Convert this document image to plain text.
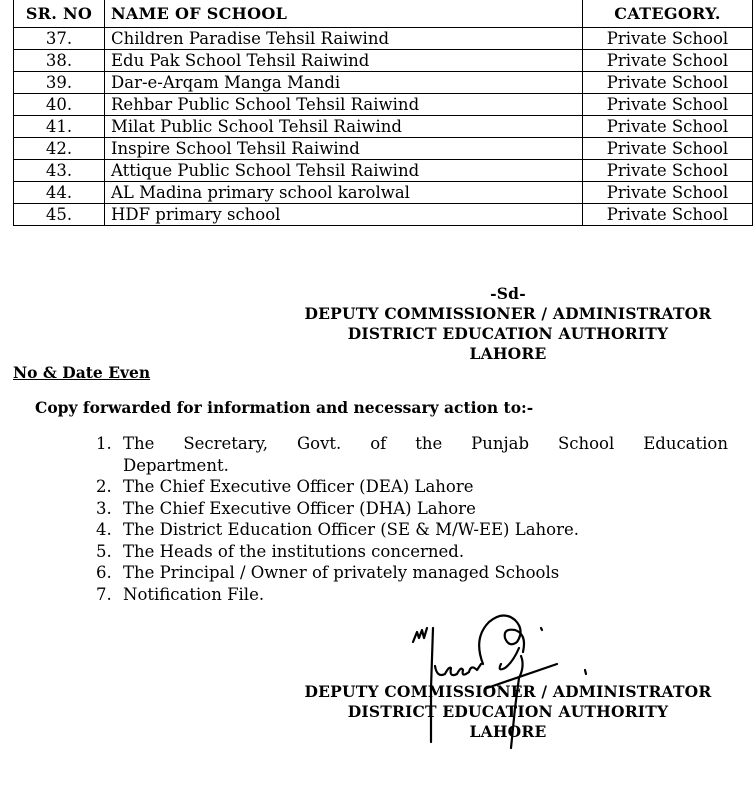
SR. NO	NAME OF SCHOOL	CATEGORY.
37.	Children Paradise Tehsil Raiwind	Private School
38.	Edu Pak School Tehsil Raiwind	Private School
39.	Dar-e-Arqam Manga Mandi	Private School
40.	Rehbar Public School Tehsil Raiwind	Private School
41.	Milat Public School Tehsil Raiwind	Private School
42.	Inspire School Tehsil Raiwind	Private School
43.	Attique Public School Tehsil Raiwind	Private School
44.	AL Madina primary school karolwal	Private School
45.	HDF primary school	Private School
-Sd-
DEPUTY COMMISSIONER / ADMINISTRATOR
DISTRICT EDUCATION AUTHORITY
LAHORE
No & Date Even
Copy forwarded for information and necessary action to:-
1. The Secretary, Govt. of the Punjab School Education
Department.
2. The Chief Executive Officer (DEA) Lahore
3. The Chief Executive Officer (DHA) Lahore
4. The District Education Officer (SE & M/W-EE) Lahore.
5. The Heads of the institutions concerned.
6. The Principal / Owner of privately managed Schools
7. Notification File.
DEPUTY COMMISSIONER / ADMINISTRATOR
DISTRICT EDUCATION AUTHORITY
LAHORE
